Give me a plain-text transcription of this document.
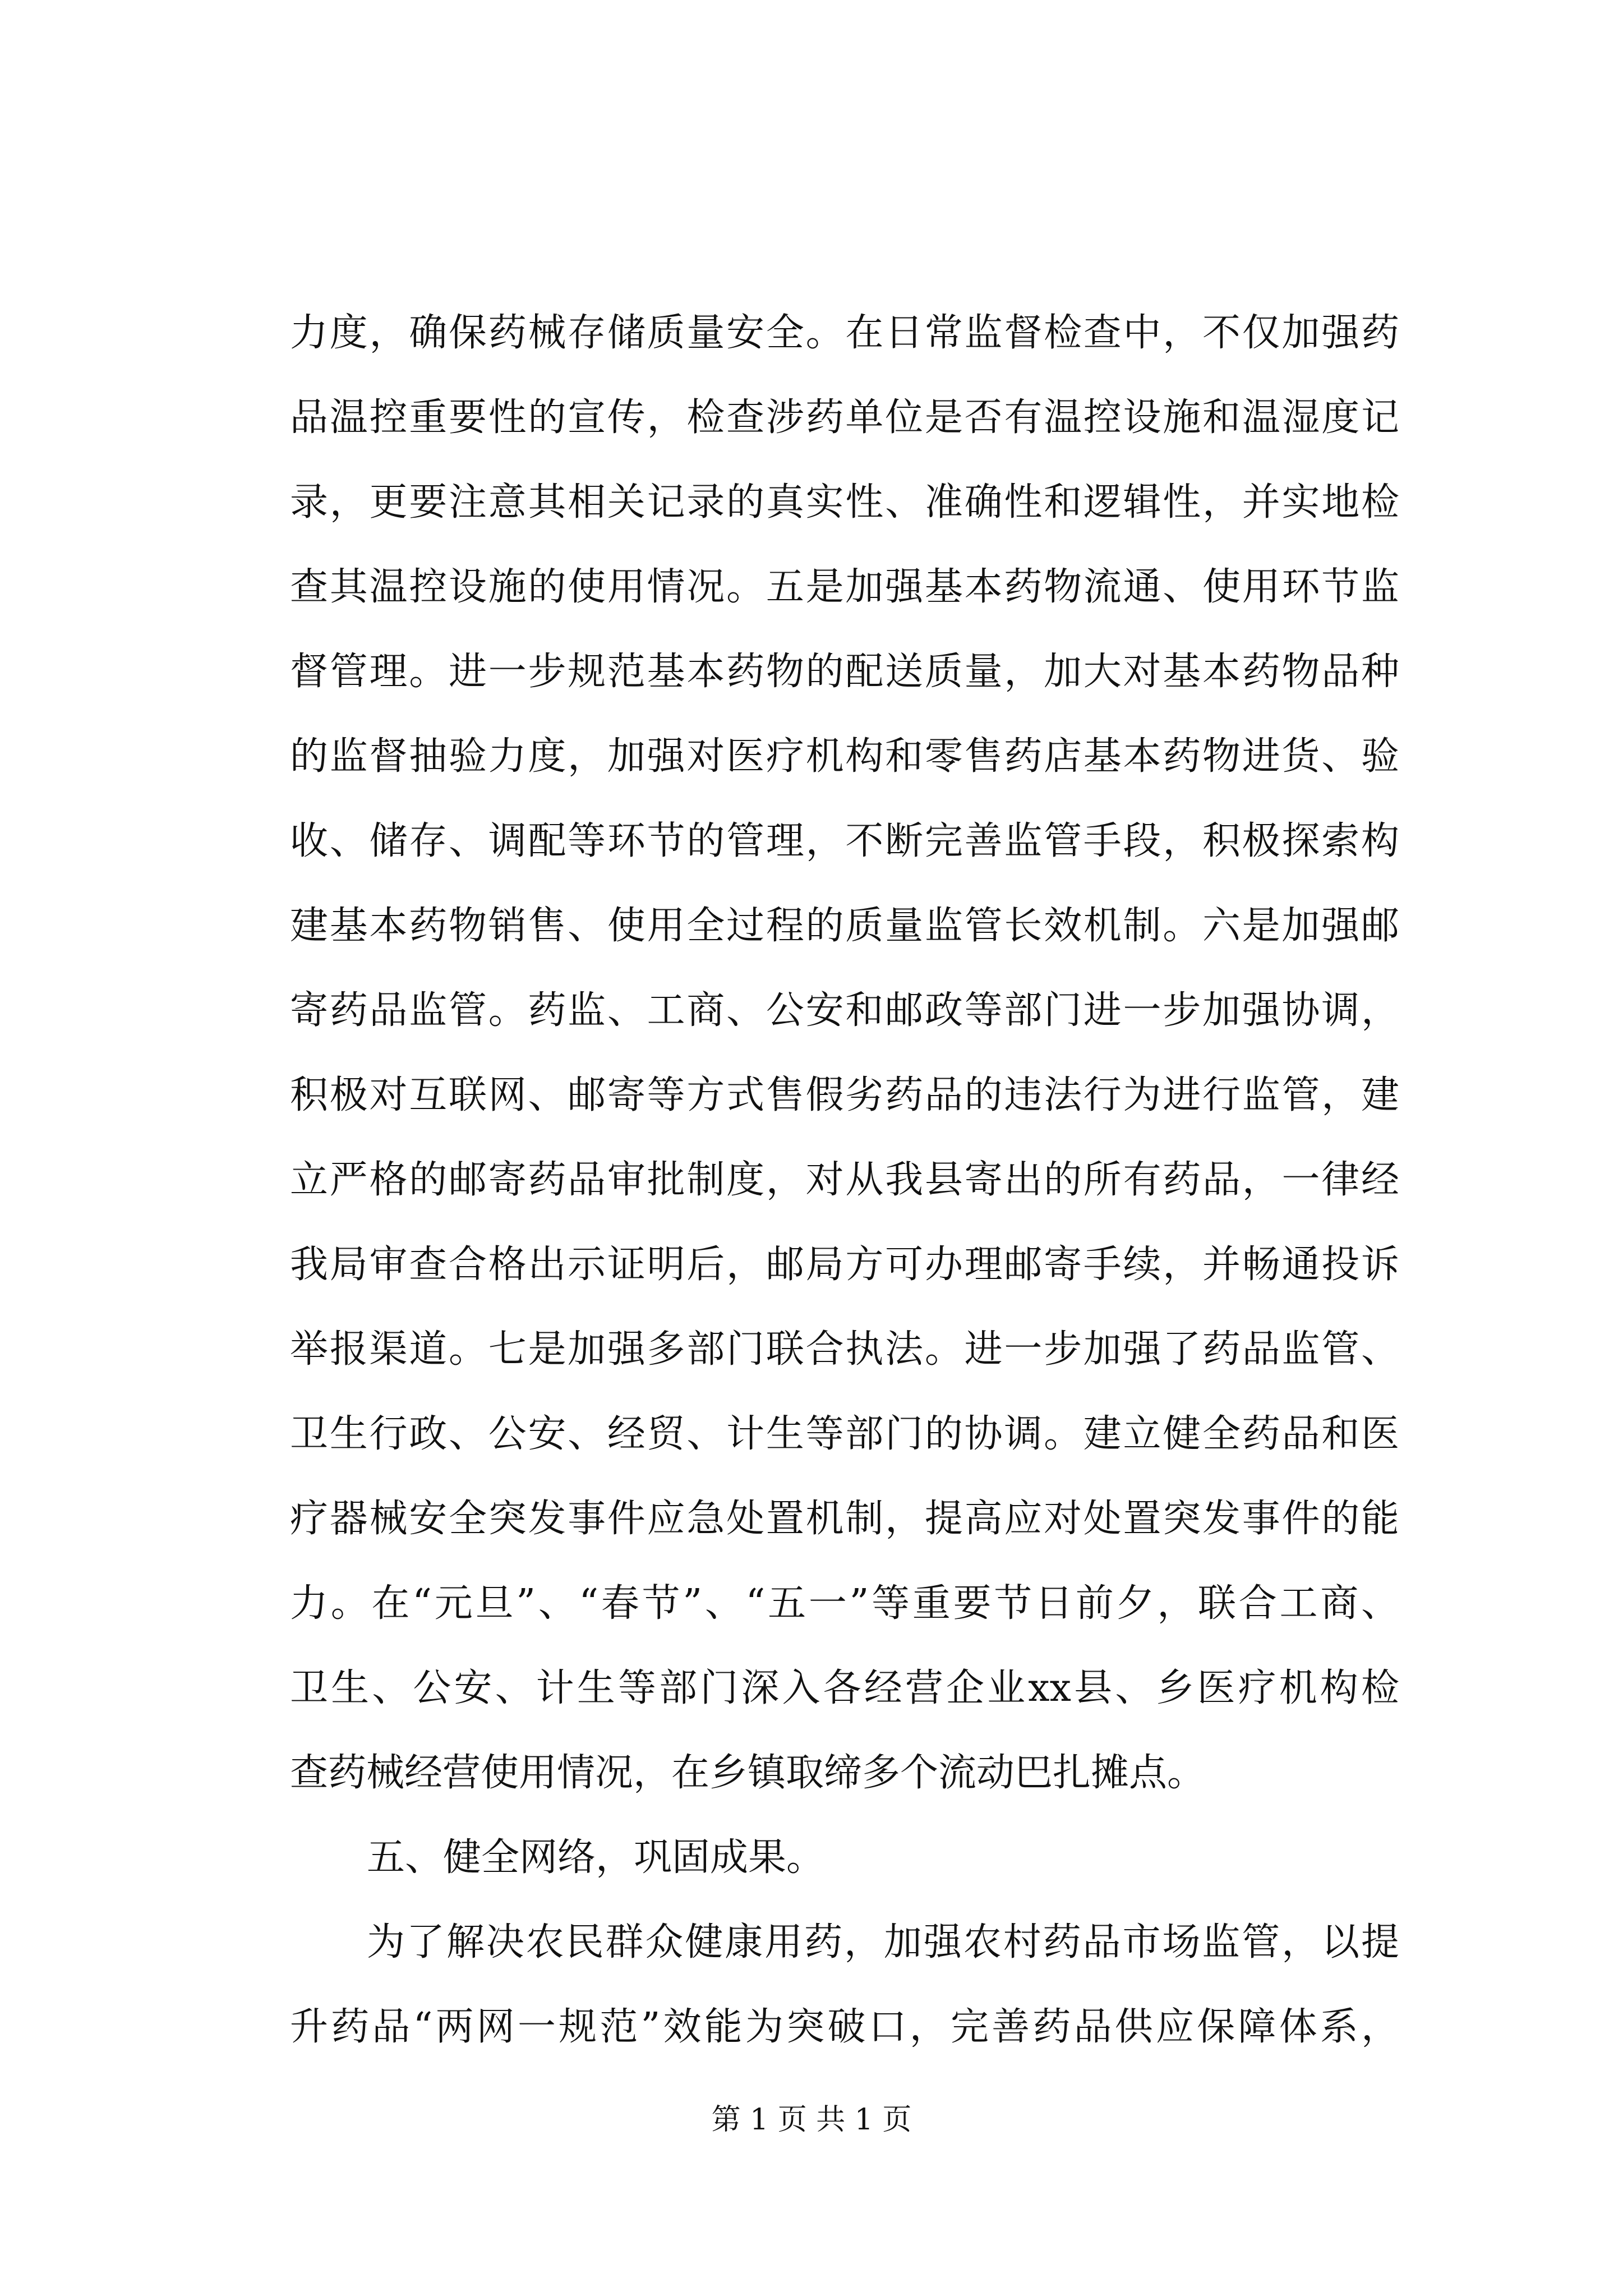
力度，确保药械存储质量安全。在日常监督检查中，不仅加强药
品温控重要性的宣传，检查涉药单位是否有温控设施和温湿度记
录，更要注意其相关记录的真实性、准确性和逻辑性，并实地检
查其温控设施的使用情况。五是加强基本药物流通、使用环节监
督管理。进一步规范基本药物的配送质量，加大对基本药物品种
的监督抽验力度，加强对医疗机构和零售药店基本药物进货、验
收、储存、调配等环节的管理，不断完善监管手段，积极探索构
建基本药物销售、使用全过程的质量监管长效机制。六是加强邮
寄药品监管。药监、工商、公安和邮政等部门进一步加强协调，
积极对互联网、邮寄等方式售假劣药品的违法行为进行监管，建
立严格的邮寄药品审批制度，对从我县寄出的所有药品，一律经
我局审查合格出示证明后，邮局方可办理邮寄手续，并畅通投诉
举报渠道。七是加强多部门联合执法。进一步加强了药品监管、
卫生行政、公安、经贸、计生等部门的协调。建立健全药品和医
疗器械安全突发事件应急处置机制，提高应对处置突发事件的能
力。在“元旦”、“春节”、“五一”等重要节日前夕，联合工商、
卫生、公安、计生等部门深入各经营企业xx县、乡医疗机构检
查药械经营使用情况，在乡镇取缔多个流动巴扎摊点。
五、健全网络，巩固成果。
为了解决农民群众健康用药，加强农村药品市场监管，以提
升药品“两网一规范”效能为突破口，完善药品供应保障体系，
第 1 页 共 1 页
